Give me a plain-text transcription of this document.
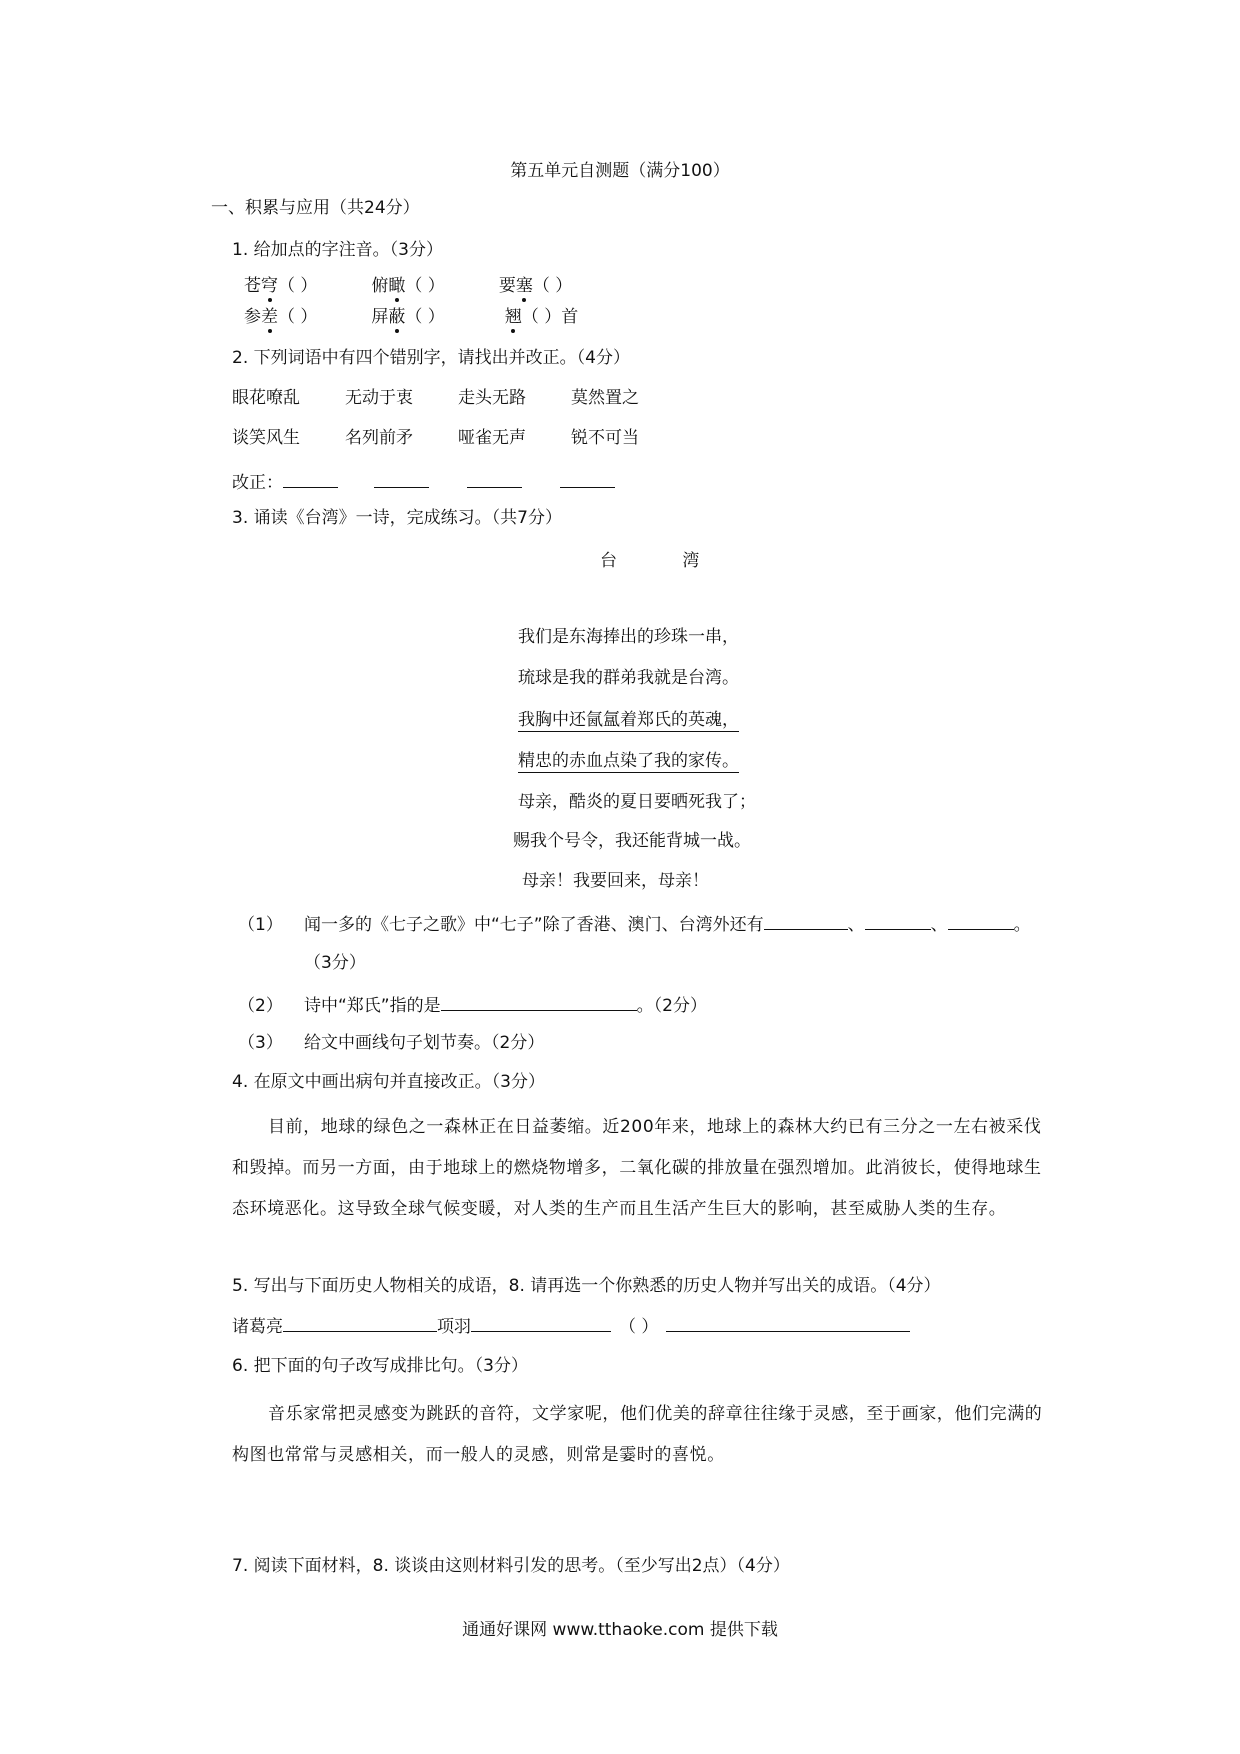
第五单元自测题（满分100）
一、积累与应用（共24分）
1. 给加点的字注音。（3分）
苍穹（ ）	俯瞰（ ）	要塞（ ）
参差（ ）	屏蔽（ ）	翘（ ）首
2. 下列词语中有四个错别字，请找出并改正。（4分）
眼花嘹乱	无动于衷	走头无路	莫然置之
谈笑风生	名列前矛	哑雀无声	锐不可当
改正：
3. 诵读《台湾》一诗，完成练习。（共7分）
台 湾
我们是东海捧出的珍珠一串，
琉球是我的群弟我就是台湾。
我胸中还氤氲着郑氏的英魂，
精忠的赤血点染了我的家传。
母亲，酷炎的夏日要晒死我了；
赐我个号令，我还能背城一战。
母亲！我要回来，母亲！
（1） 闻一多的《七子之歌》中“七子”除了香港、澳门、台湾外还有	、	、	。
（3分）
（2） 诗中“郑氏”指的是	。（2分）
（3） 给文中画线句子划节奏。（2分）
4. 在原文中画出病句并直接改正。（3分）
目前，地球的绿色之一森林正在日益萎缩。近200年来，地球上的森林大约已有三分之一左右被采伐和毁掉。而另一方面，由于地球上的燃烧物增多，二氧化碳的排放量在强烈增加。此消彼长，使得地球生态环境恶化。这导致全球气候变暖，对人类的生产而且生活产生巨大的影响，甚至威胁人类的生存。
5. 写出与下面历史人物相关的成语，8. 请再选一个你熟悉的历史人物并写出关的成语。（4分）
诸葛亮	项羽	（ ）
6. 把下面的句子改写成排比句。（3分）
音乐家常把灵感变为跳跃的音符，文学家呢，他们优美的辞章往往缘于灵感，至于画家，他们完满的构图也常常与灵感相关，而一般人的灵感，则常是霎时的喜悦。
7. 阅读下面材料，8. 谈谈由这则材料引发的思考。（至少写出2点）（4分）
通通好课网 www.tthaoke.com 提供下载
